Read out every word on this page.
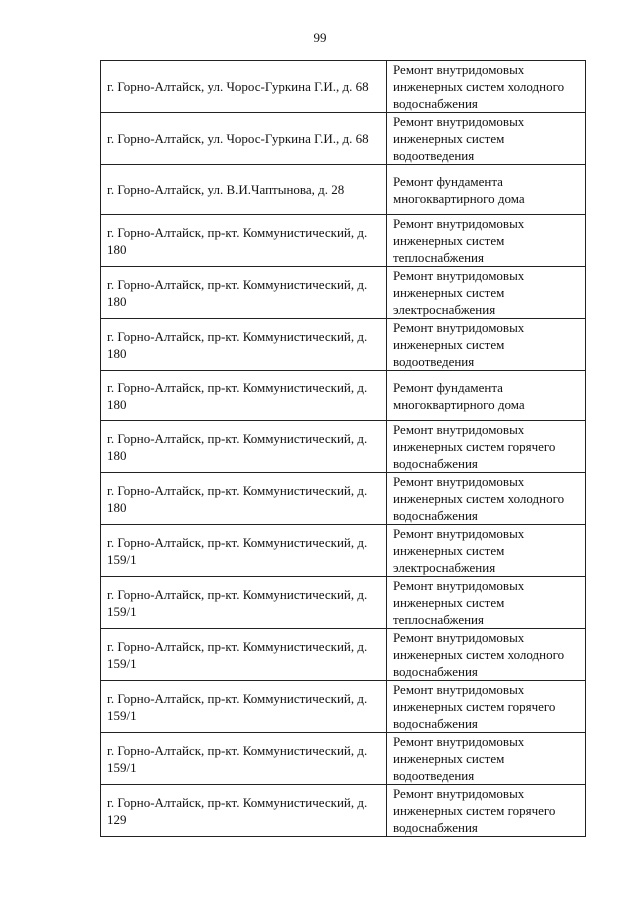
99
г. Горно-Алтайск, ул. Чорос-Гуркина Г.И., д. 68	Ремонт внутридомовых инженерных систем холодного водоснабжения
г. Горно-Алтайск, ул. Чорос-Гуркина Г.И., д. 68	Ремонт внутридомовых инженерных систем водоотведения
г. Горно-Алтайск, ул. В.И.Чаптынова, д. 28	Ремонт фундамента многоквартирного дома
г. Горно-Алтайск, пр-кт. Коммунистический, д. 180	Ремонт внутридомовых инженерных систем теплоснабжения
г. Горно-Алтайск, пр-кт. Коммунистический, д. 180	Ремонт внутридомовых инженерных систем электроснабжения
г. Горно-Алтайск, пр-кт. Коммунистический, д. 180	Ремонт внутридомовых инженерных систем водоотведения
г. Горно-Алтайск, пр-кт. Коммунистический, д. 180	Ремонт фундамента многоквартирного дома
г. Горно-Алтайск, пр-кт. Коммунистический, д. 180	Ремонт внутридомовых инженерных систем горячего водоснабжения
г. Горно-Алтайск, пр-кт. Коммунистический, д. 180	Ремонт внутридомовых инженерных систем холодного водоснабжения
г. Горно-Алтайск, пр-кт. Коммунистический, д. 159/1	Ремонт внутридомовых инженерных систем электроснабжения
г. Горно-Алтайск, пр-кт. Коммунистический, д. 159/1	Ремонт внутридомовых инженерных систем теплоснабжения
г. Горно-Алтайск, пр-кт. Коммунистический, д. 159/1	Ремонт внутридомовых инженерных систем холодного водоснабжения
г. Горно-Алтайск, пр-кт. Коммунистический, д. 159/1	Ремонт внутридомовых инженерных систем горячего водоснабжения
г. Горно-Алтайск, пр-кт. Коммунистический, д. 159/1	Ремонт внутридомовых инженерных систем водоотведения
г. Горно-Алтайск, пр-кт. Коммунистический, д. 129	Ремонт внутридомовых инженерных систем горячего водоснабжения
